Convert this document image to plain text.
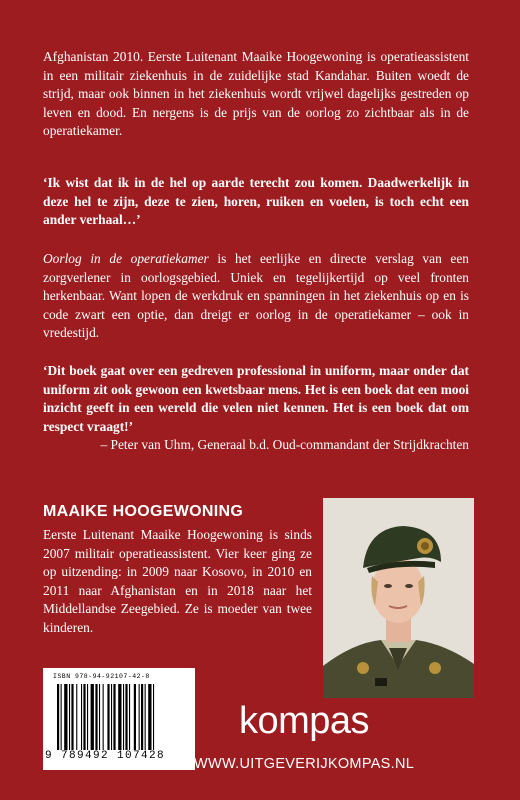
Afghanistan 2010. Eerste Luitenant Maaike Hoogewoning is operatieassistent in een militair ziekenhuis in de zuidelijke stad Kandahar. Buiten woedt de strijd, maar ook binnen in het ziekenhuis wordt vrijwel dagelijks gestreden op leven en dood. En nergens is de prijs van de oorlog zo zichtbaar als in de operatiekamer.

‘Ik wist dat ik in de hel op aarde terecht zou komen. Daadwerkelijk in deze hel te zijn, deze te zien, horen, ruiken en voelen, is toch echt een ander verhaal…’

Oorlog in de operatiekamer is het eerlijke en directe verslag van een zorgverlener in oorlogsgebied. Uniek en tegelijkertijd op veel fronten herkenbaar. Want lopen de werkdruk en spanningen in het ziekenhuis op en is code zwart een optie, dan dreigt er oorlog in de operatiekamer – ook in vredestijd.

‘Dit boek gaat over een gedreven professional in uniform, maar onder dat uniform zit ook gewoon een kwetsbaar mens. Het is een boek dat een mooi inzicht geeft in een wereld die velen niet kennen. Het is een boek dat om respect vraagt!’
– Peter van Uhm, Generaal b.d. Oud-commandant der Strijdkrachten

MAAIKE HOOGEWONING

Eerste Luitenant Maaike Hoogewoning is sinds 2007 militair operatieassistent. Vier keer ging ze op uitzending: in 2009 naar Kosovo, in 2010 en 2011 naar Afghanistan en in 2018 naar het Middellandse Zeegebied. Ze is moeder van twee kinderen.

ISBN 978-94-92107-42-8
9 789492 107428
kompas
WWW.UITGEVERIJKOMPAS.NL
